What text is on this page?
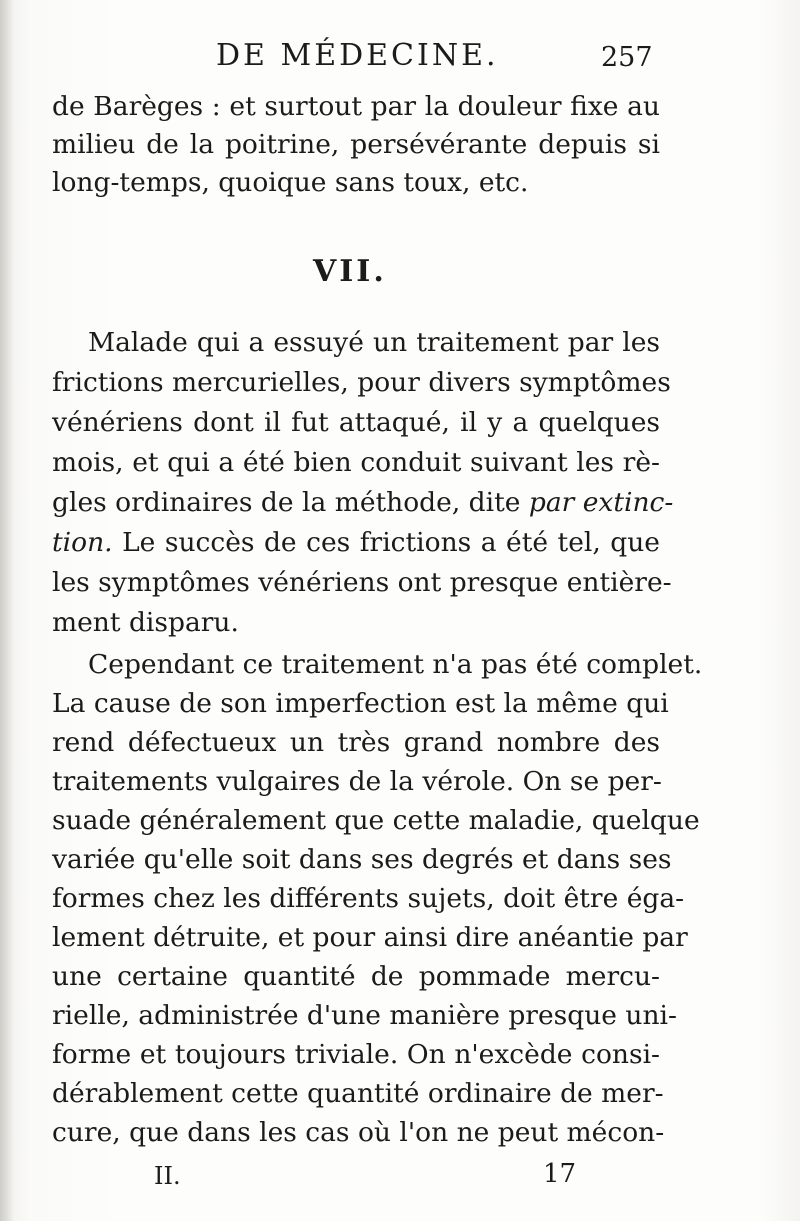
DE MÉDECINE.	257
de Barèges : et surtout par la douleur fixe au
milieu de la poitrine, persévérante depuis si
long-temps, quoique sans toux, etc.
VII.
Malade qui a essuyé un traitement par les
frictions mercurielles, pour divers symptômes
vénériens dont il fut attaqué, il y a quelques
mois, et qui a été bien conduit suivant les rè-
gles ordinaires de la méthode, dite par extinc-
tion. Le succès de ces frictions a été tel, que
les symptômes vénériens ont presque entière-
ment disparu.
Cependant ce traitement n'a pas été complet.
La cause de son imperfection est la même qui
rend défectueux un très grand nombre des
traitements vulgaires de la vérole. On se per-
suade généralement que cette maladie, quelque
variée qu'elle soit dans ses degrés et dans ses
formes chez les différents sujets, doit être éga-
lement détruite, et pour ainsi dire anéantie par
une certaine quantité de pommade mercu-
rielle, administrée d'une manière presque uni-
forme et toujours triviale. On n'excède consi-
dérablement cette quantité ordinaire de mer-
cure, que dans les cas où l'on ne peut mécon-
II.	17
